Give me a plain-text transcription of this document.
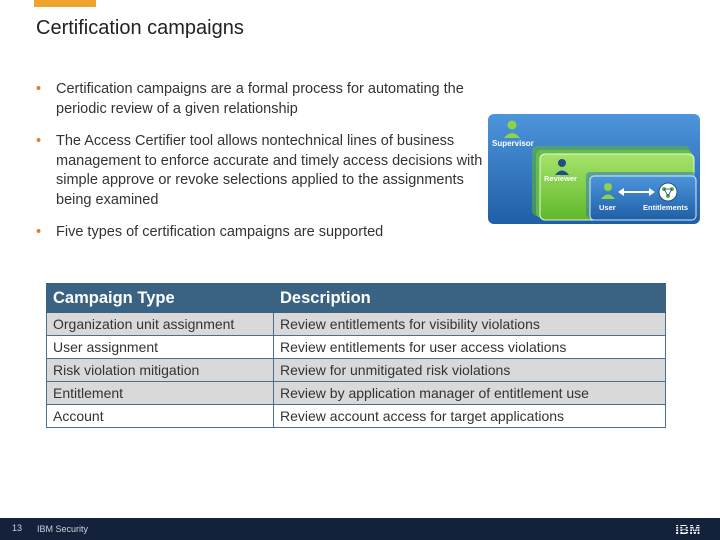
Certification campaigns
• Certification campaigns are a formal process for automating the periodic review of a given relationship
• The Access Certifier tool allows nontechnical lines of business management to enforce accurate and timely access decisions with simple approve or revoke selections applied to the assignments being examined
• Five types of certification campaigns are supported
Supervisor
Reviewer
User	Entitlements
Campaign Type	Description
Organization unit assignment	Review entitlements for visibility violations
User assignment	Review entitlements for user access violations
Risk violation mitigation	Review for unmitigated risk violations
Entitlement	Review by application manager of entitlement use
Account	Review account access for target applications
13 IBM Security	IBM
